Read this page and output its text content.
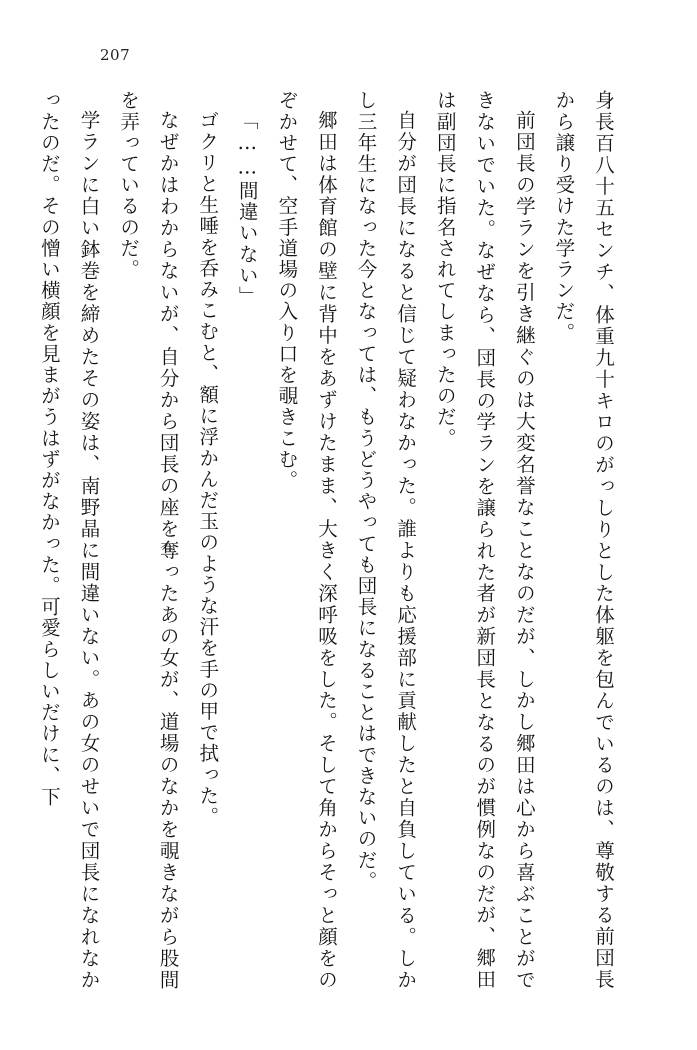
207

身長百八十五センチ、体重九十キロのがっしりとした体躯を包んでいるのは、尊敬する前団長から譲り受けた学ランだ。

前団長の学ランを引き継ぐのは大変名誉なことなのだが、しかし郷田は心から喜ぶことができないでいた。なぜなら、団長の学ランを譲られた者が新団長となるのが慣例なのだが、郷田は副団長に指名されてしまったのだ。

自分が団長になると信じて疑わなかった。誰よりも応援部に貢献したと自負している。しかし三年生になった今となっては、もうどうやっても団長になることはできないのだ。

郷田は体育館の壁に背中をあずけたまま、大きく深呼吸をした。そして角からそっと顔をのぞかせて、空手道場の入り口を覗きこむ。

「……間違いない」

ゴクリと生唾を呑みこむと、額に浮かんだ玉のような汗を手の甲で拭った。

なぜかはわからないが、自分から団長の座を奪ったあの女が、道場のなかを覗きながら股間を弄っているのだ。

学ランに白い鉢巻を締めたその姿は、南野晶に間違いない。あの女のせいで団長になれなかったのだ。その憎い横顔を見まがうはずがなかった。可愛らしいだけに、下
